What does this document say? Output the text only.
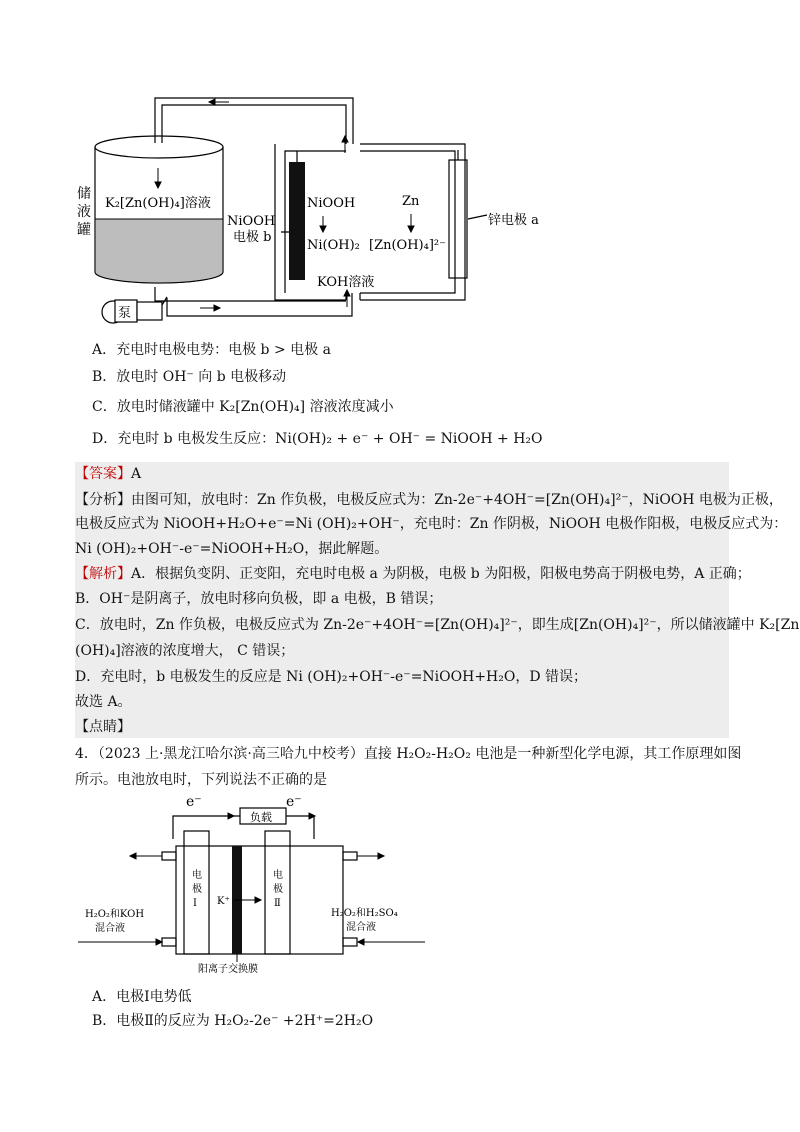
K₂[Zn(OH)₄]溶液
储 液 罐
NiOOH 电极 b
NiOOH
Ni(OH)₂
Zn
[Zn(OH)₄]²⁻
锌电极 a
KOH溶液
泵
A．充电时电极电势：电极 b > 电极 a
B．放电时 OH⁻ 向 b 电极移动
C．放电时储液罐中 K₂[Zn(OH)₄] 溶液浓度减小
D．充电时 b 电极发生反应：Ni(OH)₂ + e⁻ + OH⁻ = NiOOH + H₂O
【答案】A
【分析】由图可知，放电时：Zn 作负极，电极反应式为：Zn-2e⁻+4OH⁻=[Zn(OH)₄]²⁻，NiOOH 电极为正极，
电极反应式为 NiOOH+H₂O+e⁻=Ni (OH)₂+OH⁻，充电时：Zn 作阴极，NiOOH 电极作阳极，电极反应式为：
Ni (OH)₂+OH⁻-e⁻=NiOOH+H₂O，据此解题。
【解析】A．根据负变阴、正变阳，充电时电极 a 为阴极，电极 b 为阳极，阳极电势高于阴极电势，A 正确；
B．OH⁻是阴离子，放电时移向负极，即 a 电极，B 错误；
C．放电时，Zn 作负极，电极反应式为 Zn-2e⁻+4OH⁻=[Zn(OH)₄]²⁻，即生成[Zn(OH)₄]²⁻，所以储液罐中 K₂[Zn
(OH)₄]溶液的浓度增大， C 错误；
D．充电时，b 电极发生的反应是 Ni (OH)₂+OH⁻-e⁻=NiOOH+H₂O，D 错误；
故选 A。
【点睛】
4．（2023 上·黑龙江哈尔滨·高三哈九中校考）直接 H₂O₂-H₂O₂ 电池是一种新型化学电源，其工作原理如图
所示。电池放电时，下列说法不正确的是
e⁻	e⁻
负载
电 极 Ⅰ
电 极 Ⅱ
K⁺
H₂O₂和KOH 混合液
H₂O₂和H₂SO₄ 混合液
阳离子交换膜
A．电极Ⅰ电势低
B．电极Ⅱ的反应为 H₂O₂-2e⁻ +2H⁺=2H₂O
